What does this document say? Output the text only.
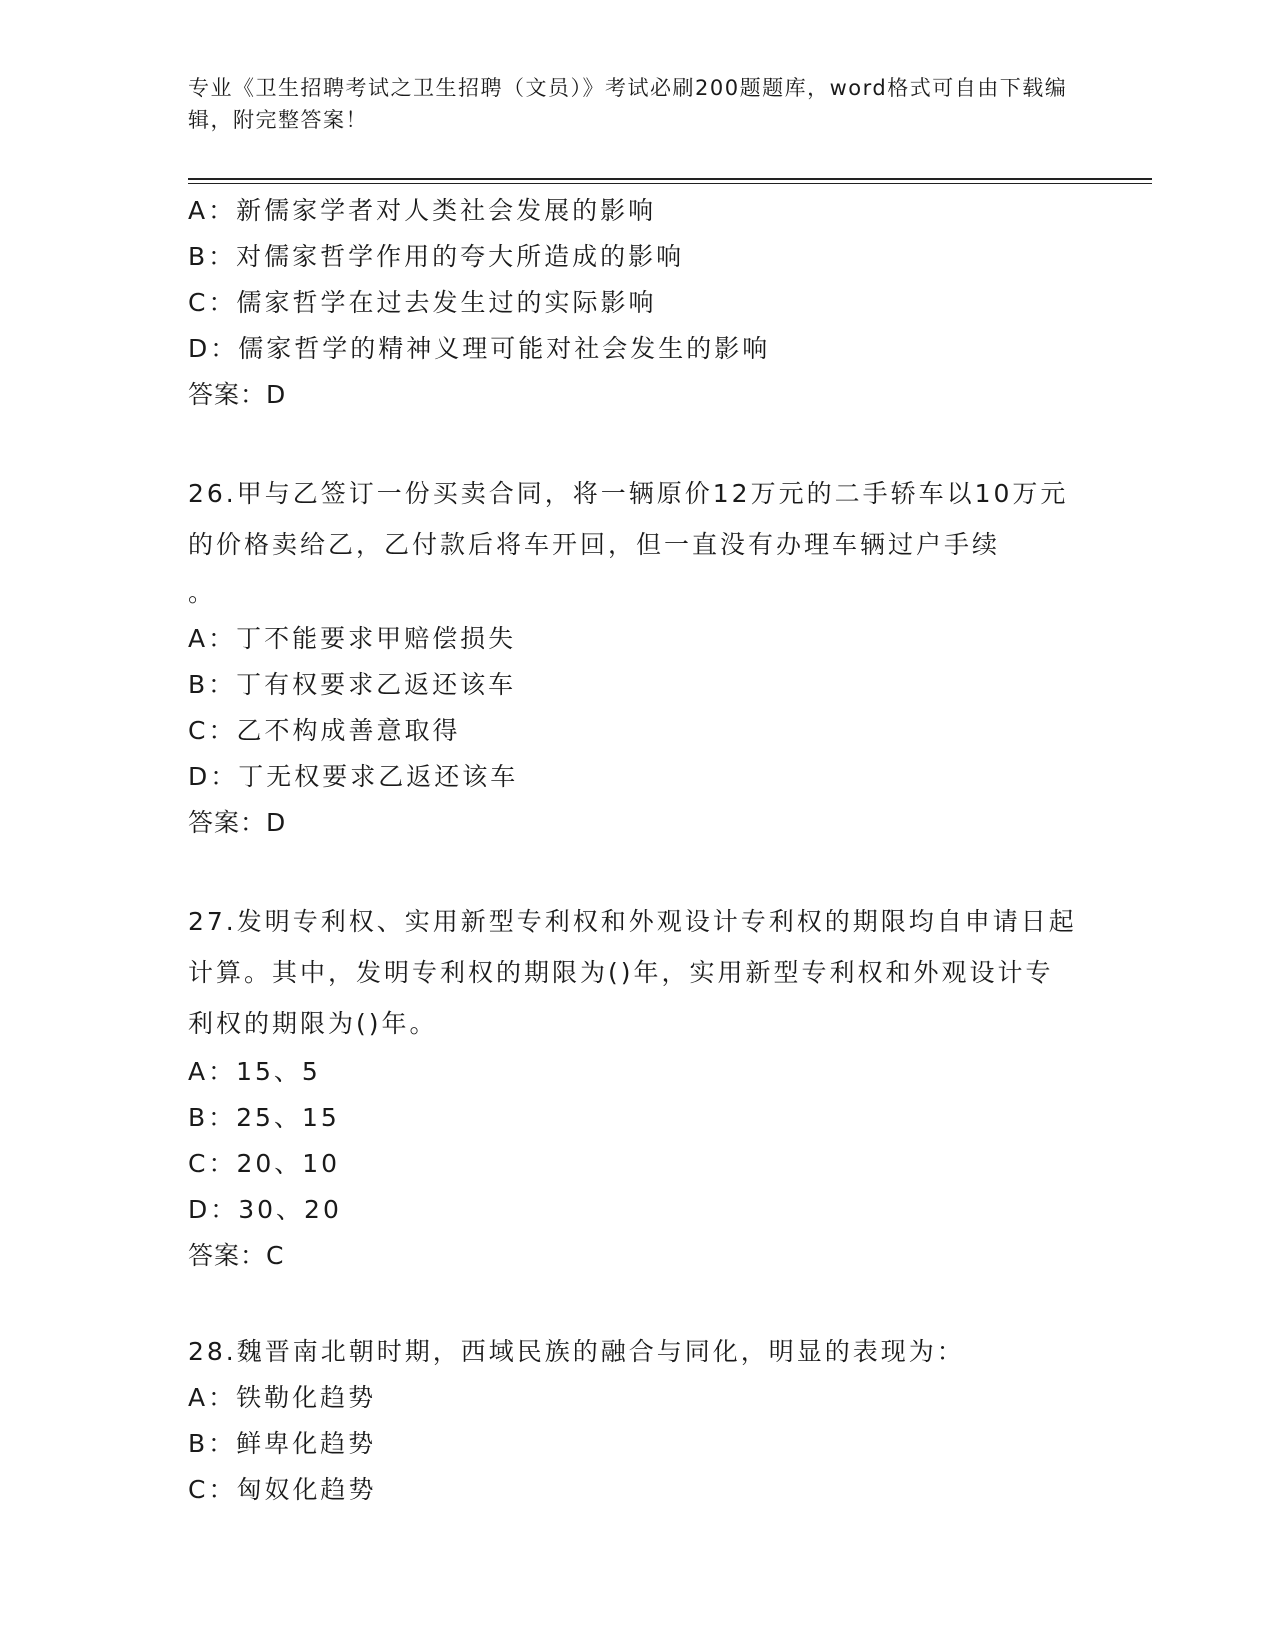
专业《卫生招聘考试之卫生招聘（文员）》考试必刷200题题库，word格式可自由下载编辑，附完整答案！
A：新儒家学者对人类社会发展的影响
B：对儒家哲学作用的夸大所造成的影响
C：儒家哲学在过去发生过的实际影响
D：儒家哲学的精神义理可能对社会发生的影响
答案：D
26.甲与乙签订一份买卖合同，将一辆原价12万元的二手轿车以10万元的价格卖给乙，乙付款后将车开回，但一直没有办理车辆过户手续
。
A：丁不能要求甲赔偿损失
B：丁有权要求乙返还该车
C：乙不构成善意取得
D：丁无权要求乙返还该车
答案：D
27.发明专利权、实用新型专利权和外观设计专利权的期限均自申请日起计算。其中，发明专利权的期限为()年，实用新型专利权和外观设计专利权的期限为()年。
A：15、5
B：25、15
C：20、10
D：30、20
答案：C
28.魏晋南北朝时期，西域民族的融合与同化，明显的表现为：
A：铁勒化趋势
B：鲜卑化趋势
C：匈奴化趋势
